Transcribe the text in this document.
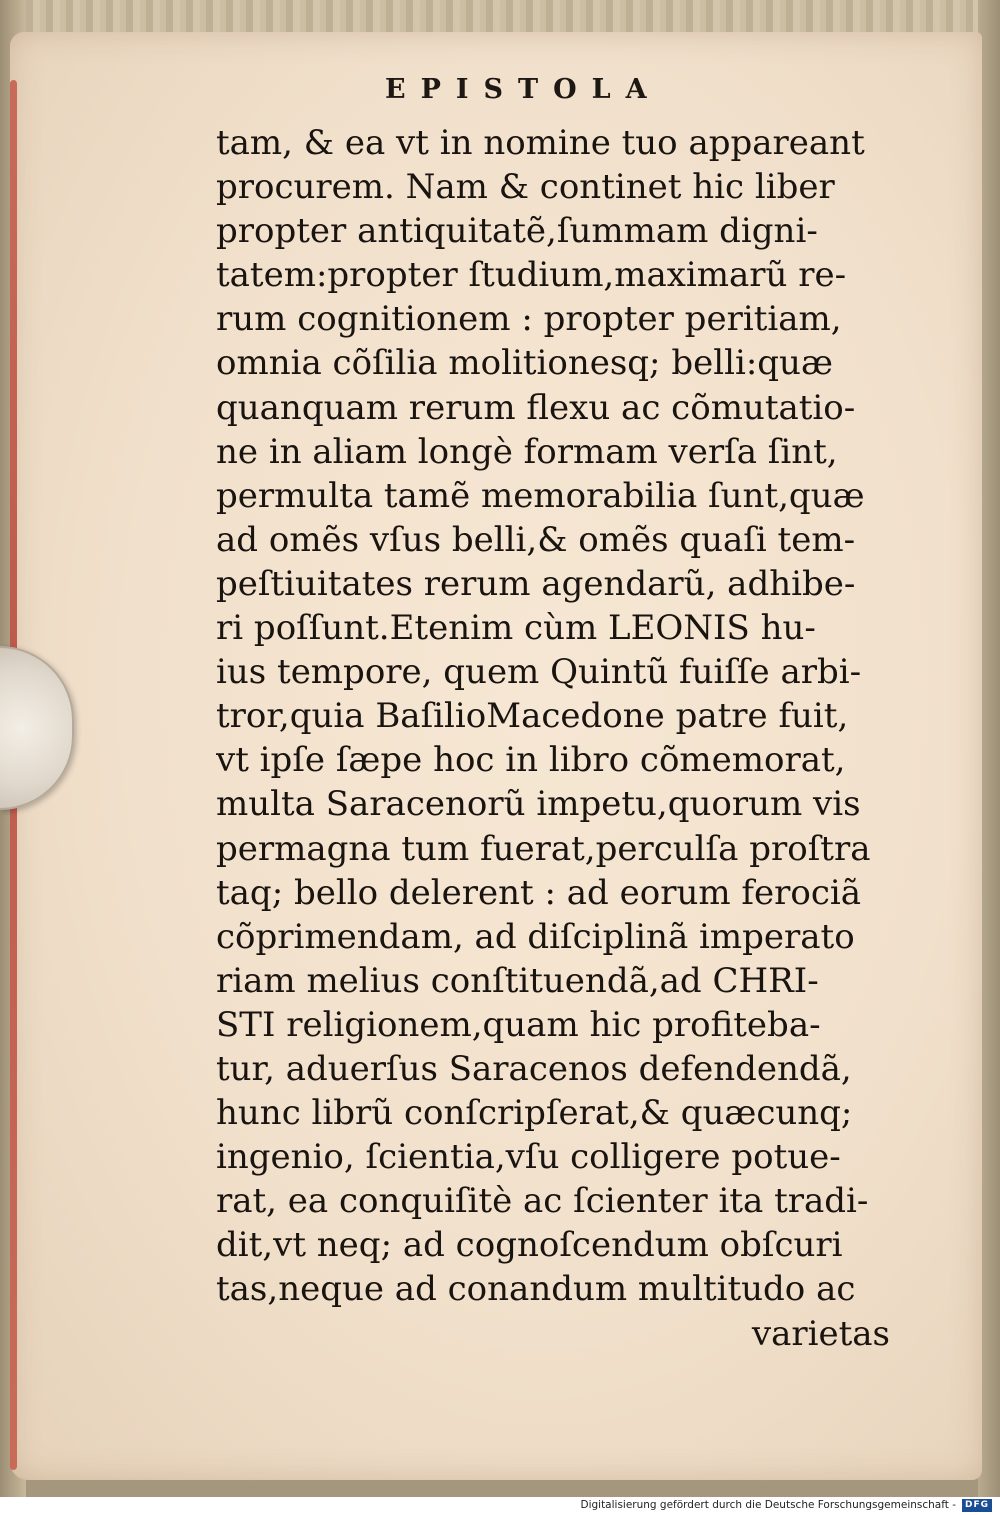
EPISTOLA
tam, & ea vt in nomine tuo appareant
procurem. Nam & continet hic liber
propter antiquitatẽ,ſummam digni-
tatem:propter ſtudium,maximarũ re-
rum cognitionem : propter peritiam,
omnia cõſilia molitionesq; belli:quæ
quanquam rerum flexu ac cõmutatio-
ne in aliam longè formam verſa ſint,
permulta tamẽ memorabilia ſunt,quæ
ad omẽs vſus belli,& omẽs quaſi tem-
peſtiuitates rerum agendarũ, adhibe-
ri poſſunt.Etenim cùm LEONIS hu-
ius tempore, quem Quintũ fuiſſe arbi-
tror,quia BaſilioMacedone patre fuit,
vt ipſe ſæpe hoc in libro cõmemorat,
multa Saracenorũ impetu,quorum vis
permagna tum fuerat,perculſa proſtra
taq; bello delerent : ad eorum ferociã
cõprimendam, ad diſciplinã imperato
riam melius conſtituendã,ad CHRI-
STI religionem,quam hic profiteba-
tur, aduerſus Saracenos defendendã,
hunc librũ conſcripſerat,& quæcunq;
ingenio, ſcientia,vſu colligere potue-
rat, ea conquiſitè ac ſcienter ita tradi-
dit,vt neq; ad cognoſcendum obſcuri
tas,neque ad conandum multitudo ac
varietas
Digitalisierung gefördert durch die Deutsche Forschungsgemeinschaft - DFG
